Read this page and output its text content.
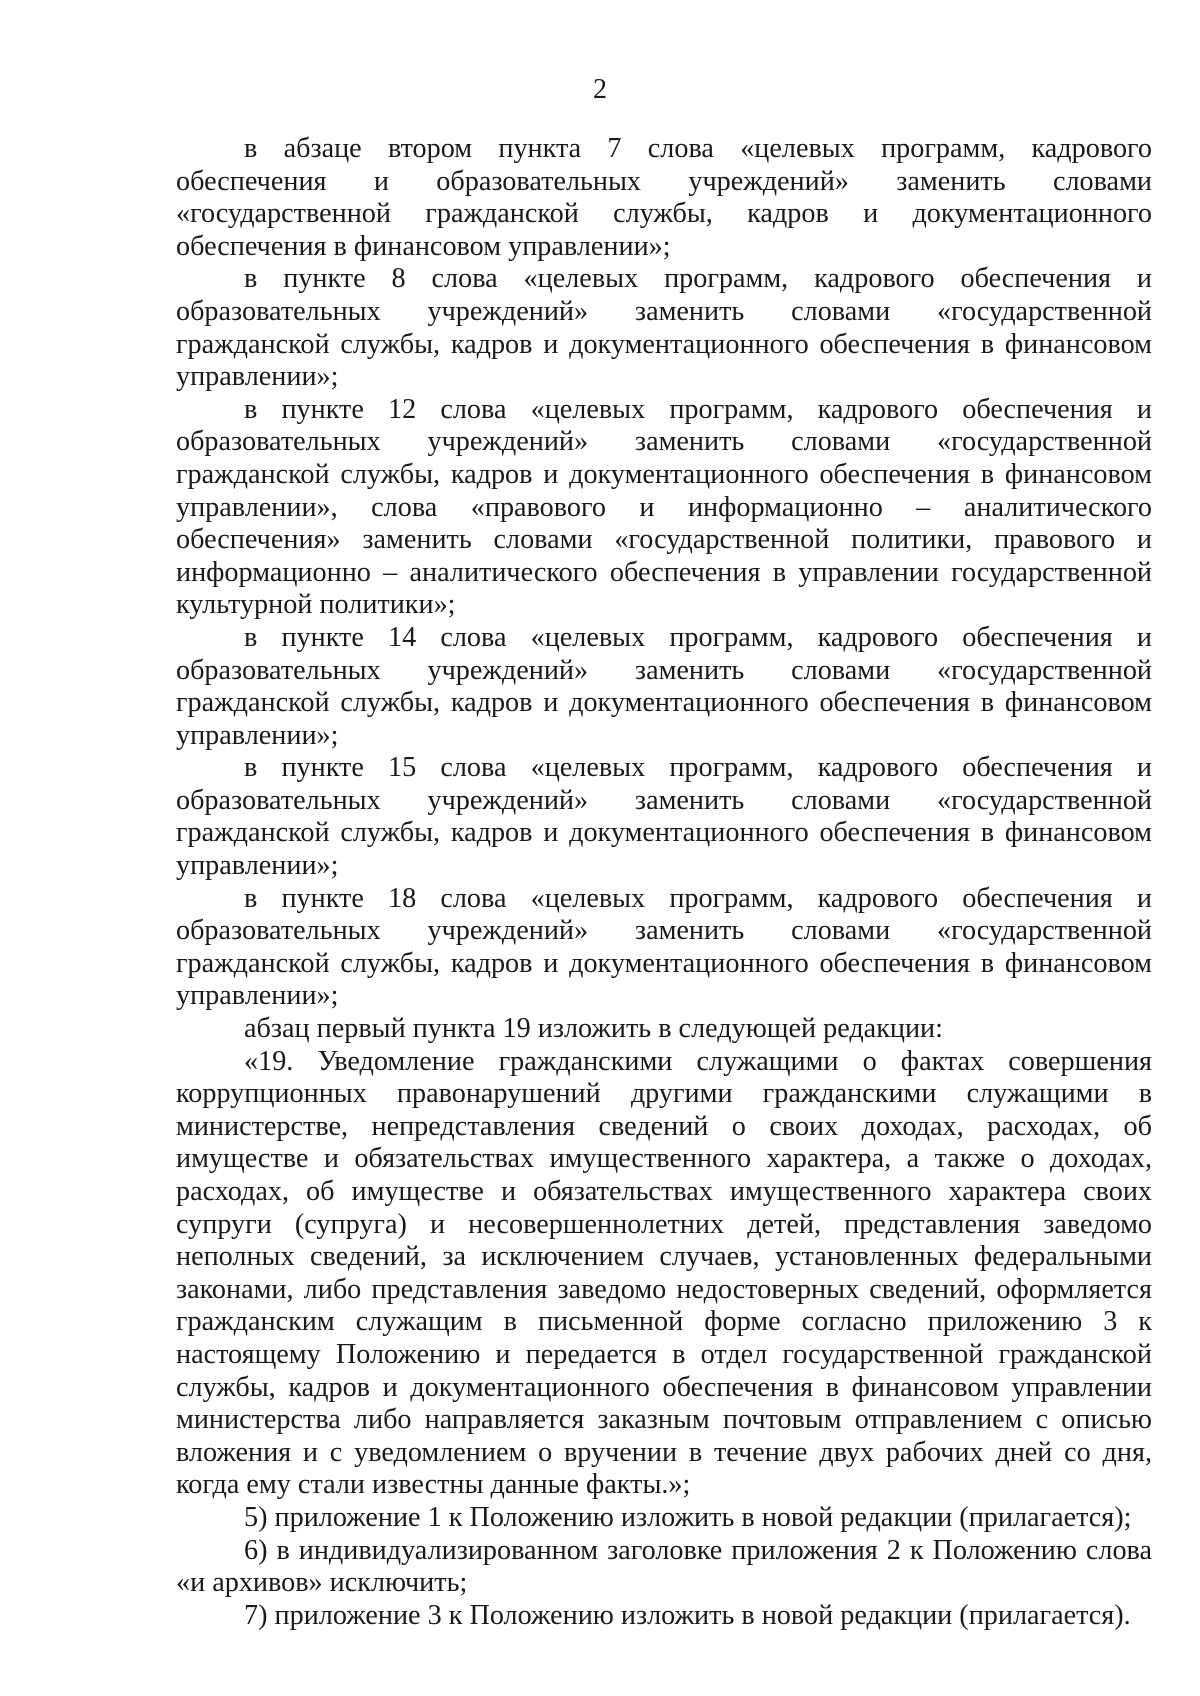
2

в абзаце втором пункта 7 слова «целевых программ, кадрового обеспечения и образовательных учреждений» заменить словами «государственной гражданской службы, кадров и документационного обеспечения в финансовом управлении»;

в пункте 8 слова «целевых программ, кадрового обеспечения и образовательных учреждений» заменить словами «государственной гражданской службы, кадров и документационного обеспечения в финансовом управлении»;

в пункте 12 слова «целевых программ, кадрового обеспечения и образовательных учреждений» заменить словами «государственной гражданской службы, кадров и документационного обеспечения в финансовом управлении», слова «правового и информационно – аналитического обеспечения» заменить словами «государственной политики, правового и информационно – аналитического обеспечения в управлении государственной культурной политики»;

в пункте 14 слова «целевых программ, кадрового обеспечения и образовательных учреждений» заменить словами «государственной гражданской службы, кадров и документационного обеспечения в финансовом управлении»;

в пункте 15 слова «целевых программ, кадрового обеспечения и образовательных учреждений» заменить словами «государственной гражданской службы, кадров и документационного обеспечения в финансовом управлении»;

в пункте 18 слова «целевых программ, кадрового обеспечения и образовательных учреждений» заменить словами «государственной гражданской службы, кадров и документационного обеспечения в финансовом управлении»;

абзац первый пункта 19 изложить в следующей редакции:

«19. Уведомление гражданскими служащими о фактах совершения коррупционных правонарушений другими гражданскими служащими в министерстве, непредставления сведений о своих доходах, расходах, об имуществе и обязательствах имущественного характера, а также о доходах, расходах, об имуществе и обязательствах имущественного характера своих супруги (супруга) и несовершеннолетних детей, представления заведомо неполных сведений, за исключением случаев, установленных федеральными законами, либо представления заведомо недостоверных сведений, оформляется гражданским служащим в письменной форме согласно приложению 3 к настоящему Положению и передается в отдел государственной гражданской службы, кадров и документационного обеспечения в финансовом управлении министерства либо направляется заказным почтовым отправлением с описью вложения и с уведомлением о вручении в течение двух рабочих дней со дня, когда ему стали известны данные факты.»;

5) приложение 1 к Положению изложить в новой редакции (прилагается);

6) в индивидуализированном заголовке приложения 2 к Положению слова «и архивов» исключить;

7) приложение 3 к Положению изложить в новой редакции (прилагается).
